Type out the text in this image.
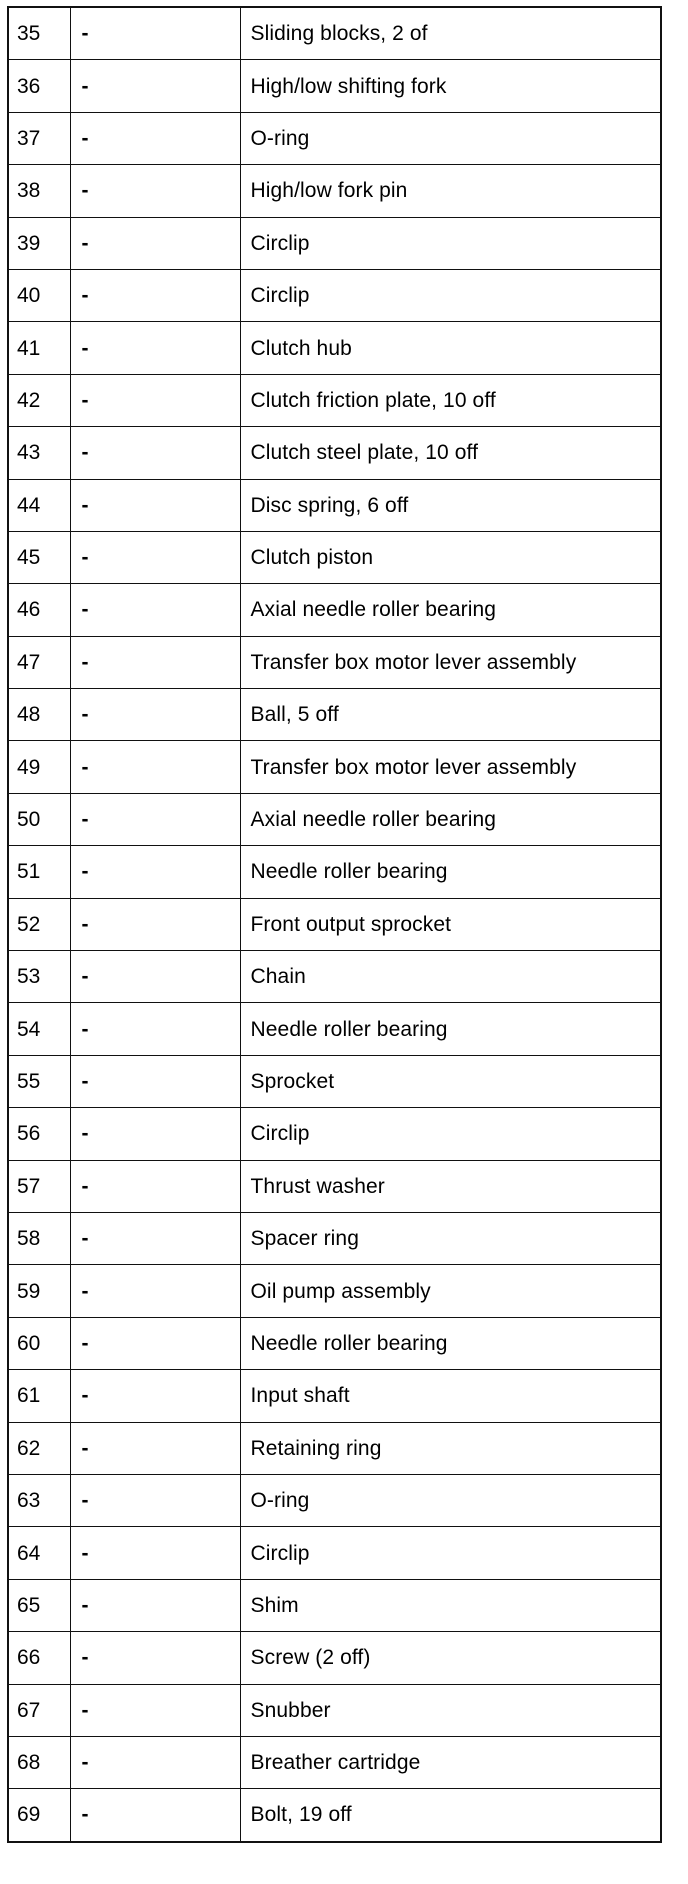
35	-	Sliding blocks, 2 of
36	-	High/low shifting fork
37	-	O-ring
38	-	High/low fork pin
39	-	Circlip
40	-	Circlip
41	-	Clutch hub
42	-	Clutch friction plate, 10 off
43	-	Clutch steel plate, 10 off
44	-	Disc spring, 6 off
45	-	Clutch piston
46	-	Axial needle roller bearing
47	-	Transfer box motor lever assembly
48	-	Ball, 5 off
49	-	Transfer box motor lever assembly
50	-	Axial needle roller bearing
51	-	Needle roller bearing
52	-	Front output sprocket
53	-	Chain
54	-	Needle roller bearing
55	-	Sprocket
56	-	Circlip
57	-	Thrust washer
58	-	Spacer ring
59	-	Oil pump assembly
60	-	Needle roller bearing
61	-	Input shaft
62	-	Retaining ring
63	-	O-ring
64	-	Circlip
65	-	Shim
66	-	Screw (2 off)
67	-	Snubber
68	-	Breather cartridge
69	-	Bolt, 19 off
